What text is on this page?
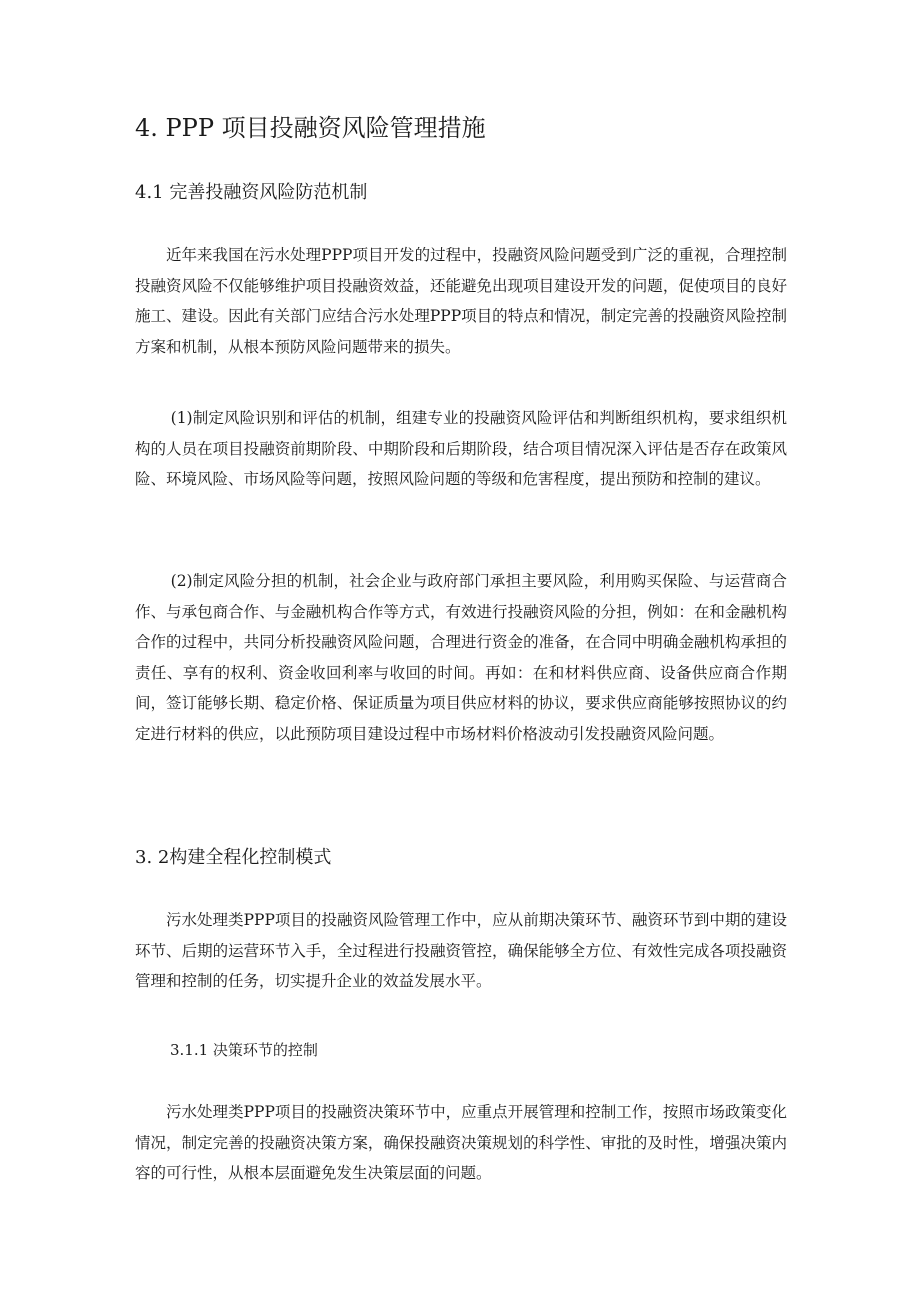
4. PPP 项目投融资风险管理措施
4.1 完善投融资风险防范机制

近年来我国在污水处理PPP项目开发的过程中，投融资风险问题受到广泛的重视，合理控制投融资风险不仅能够维护项目投融资效益，还能避免出现项目建设开发的问题，促使项目的良好施工、建设。因此有关部门应结合污水处理PPP项目的特点和情况，制定完善的投融资风险控制方案和机制，从根本预防风险问题带来的损失。

(1)制定风险识别和评估的机制，组建专业的投融资风险评估和判断组织机构，要求组织机构的人员在项目投融资前期阶段、中期阶段和后期阶段，结合项目情况深入评估是否存在政策风险、环境风险、市场风险等问题，按照风险问题的等级和危害程度，提出预防和控制的建议。

(2)制定风险分担的机制，社会企业与政府部门承担主要风险，利用购买保险、与运营商合作、与承包商合作、与金融机构合作等方式，有效进行投融资风险的分担，例如：在和金融机构合作的过程中，共同分析投融资风险问题，合理进行资金的准备，在合同中明确金融机构承担的责任、享有的权利、资金收回利率与收回的时间。再如：在和材料供应商、设备供应商合作期间，签订能够长期、稳定价格、保证质量为项目供应材料的协议，要求供应商能够按照协议的约定进行材料的供应，以此预防项目建设过程中市场材料价格波动引发投融资风险问题。

3. 2构建全程化控制模式

污水处理类PPP项目的投融资风险管理工作中，应从前期决策环节、融资环节到中期的建设环节、后期的运营环节入手，全过程进行投融资管控，确保能够全方位、有效性完成各项投融资管理和控制的任务，切实提升企业的效益发展水平。

3.1.1 决策环节的控制

污水处理类PPP项目的投融资决策环节中，应重点开展管理和控制工作，按照市场政策变化情况，制定完善的投融资决策方案，确保投融资决策规划的科学性、审批的及时性，增强决策内容的可行性，从根本层面避免发生决策层面的问题。
